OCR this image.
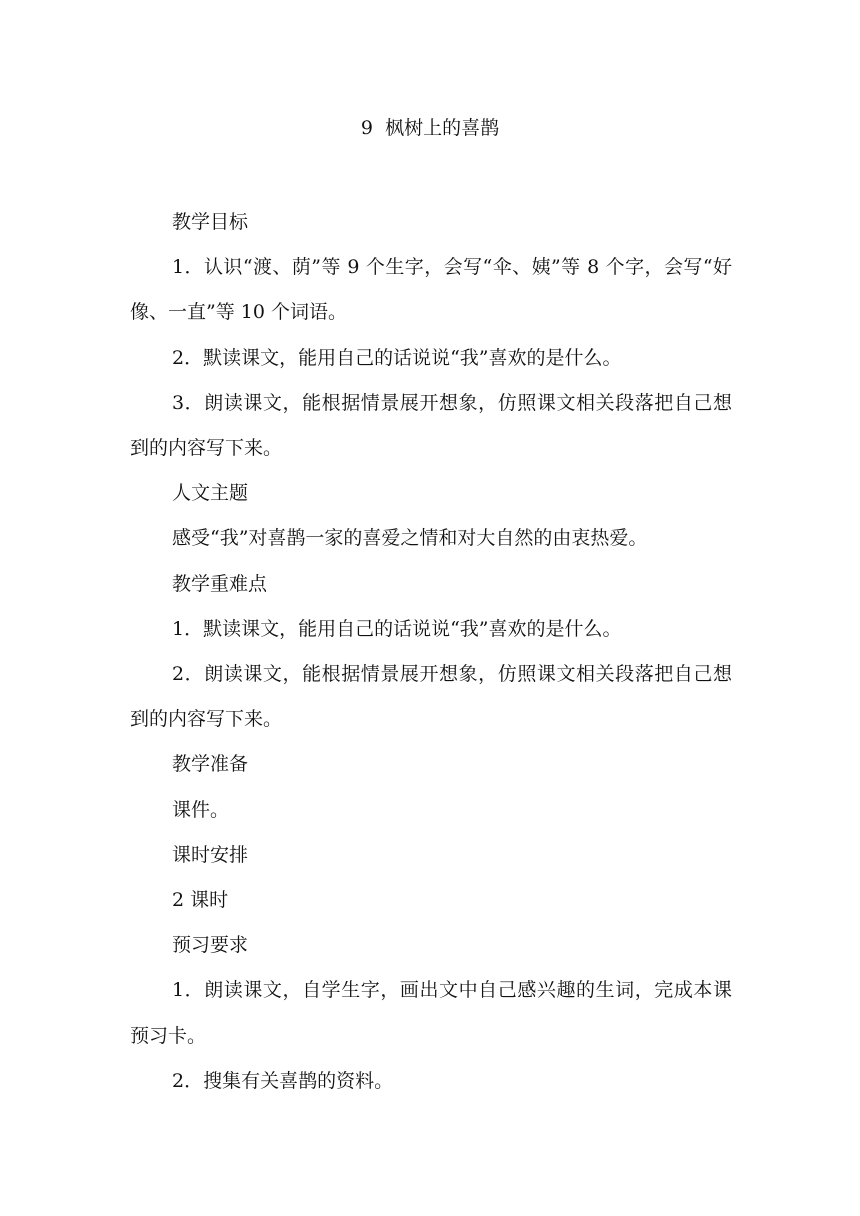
9  枫树上的喜鹊

教学目标

1．认识“渡、荫”等 9 个生字，会写“伞、姨”等 8 个字，会写“好像、一直”等 10 个词语。

2．默读课文，能用自己的话说说“我”喜欢的是什么。

3．朗读课文，能根据情景展开想象，仿照课文相关段落把自己想到的内容写下来。

人文主题

感受“我”对喜鹊一家的喜爱之情和对大自然的由衷热爱。

教学重难点

1．默读课文，能用自己的话说说“我”喜欢的是什么。

2．朗读课文，能根据情景展开想象，仿照课文相关段落把自己想到的内容写下来。

教学准备

课件。

课时安排

2 课时

预习要求

1．朗读课文，自学生字，画出文中自己感兴趣的生词，完成本课预习卡。

2．搜集有关喜鹊的资料。
